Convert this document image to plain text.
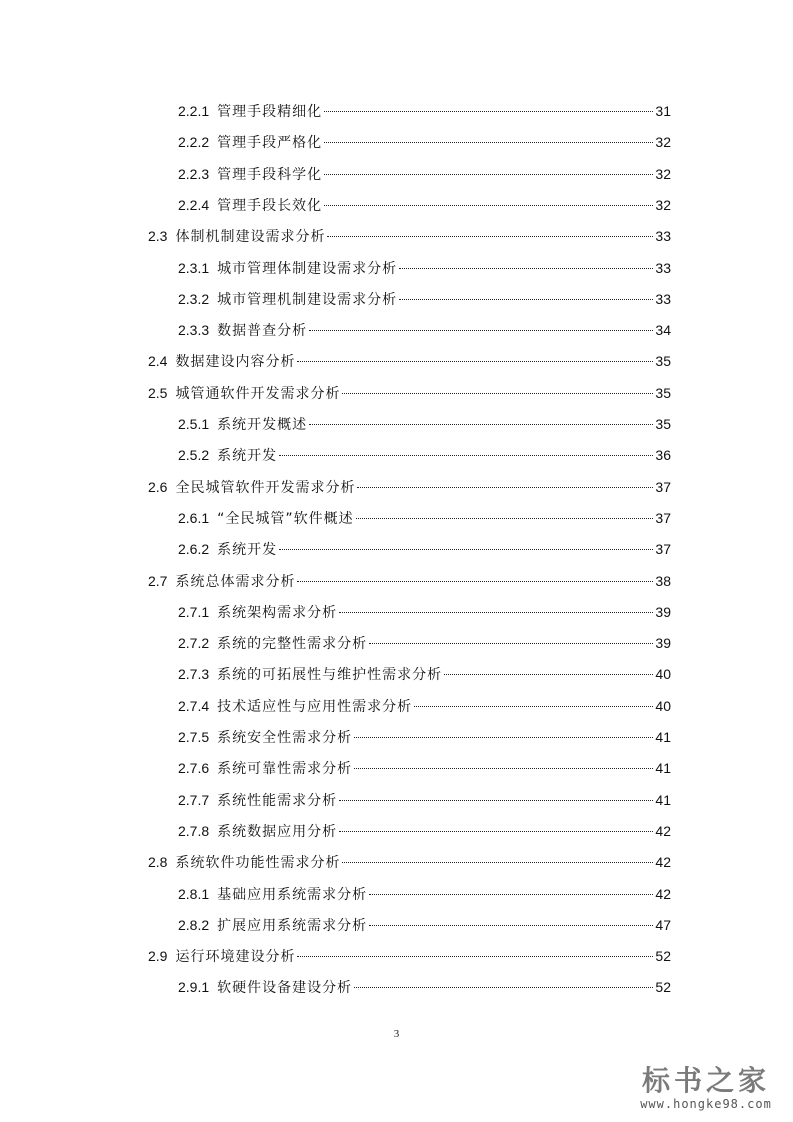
2.2.1 管理手段精细化	31
2.2.2 管理手段严格化	32
2.2.3 管理手段科学化	32
2.2.4 管理手段长效化	32
2.3 体制机制建设需求分析	33
2.3.1 城市管理体制建设需求分析	33
2.3.2 城市管理机制建设需求分析	33
2.3.3 数据普查分析	34
2.4 数据建设内容分析	35
2.5 城管通软件开发需求分析	35
2.5.1 系统开发概述	35
2.5.2 系统开发	36
2.6 全民城管软件开发需求分析	37
2.6.1 “全民城管”软件概述	37
2.6.2 系统开发	37
2.7 系统总体需求分析	38
2.7.1 系统架构需求分析	39
2.7.2 系统的完整性需求分析	39
2.7.3 系统的可拓展性与维护性需求分析	40
2.7.4 技术适应性与应用性需求分析	40
2.7.5 系统安全性需求分析	41
2.7.6 系统可靠性需求分析	41
2.7.7 系统性能需求分析	41
2.7.8 系统数据应用分析	42
2.8 系统软件功能性需求分析	42
2.8.1 基础应用系统需求分析	42
2.8.2 扩展应用系统需求分析	47
2.9 运行环境建设分析	52
2.9.1 软硬件设备建设分析	52
3
标书之家
www.hongke98.com
